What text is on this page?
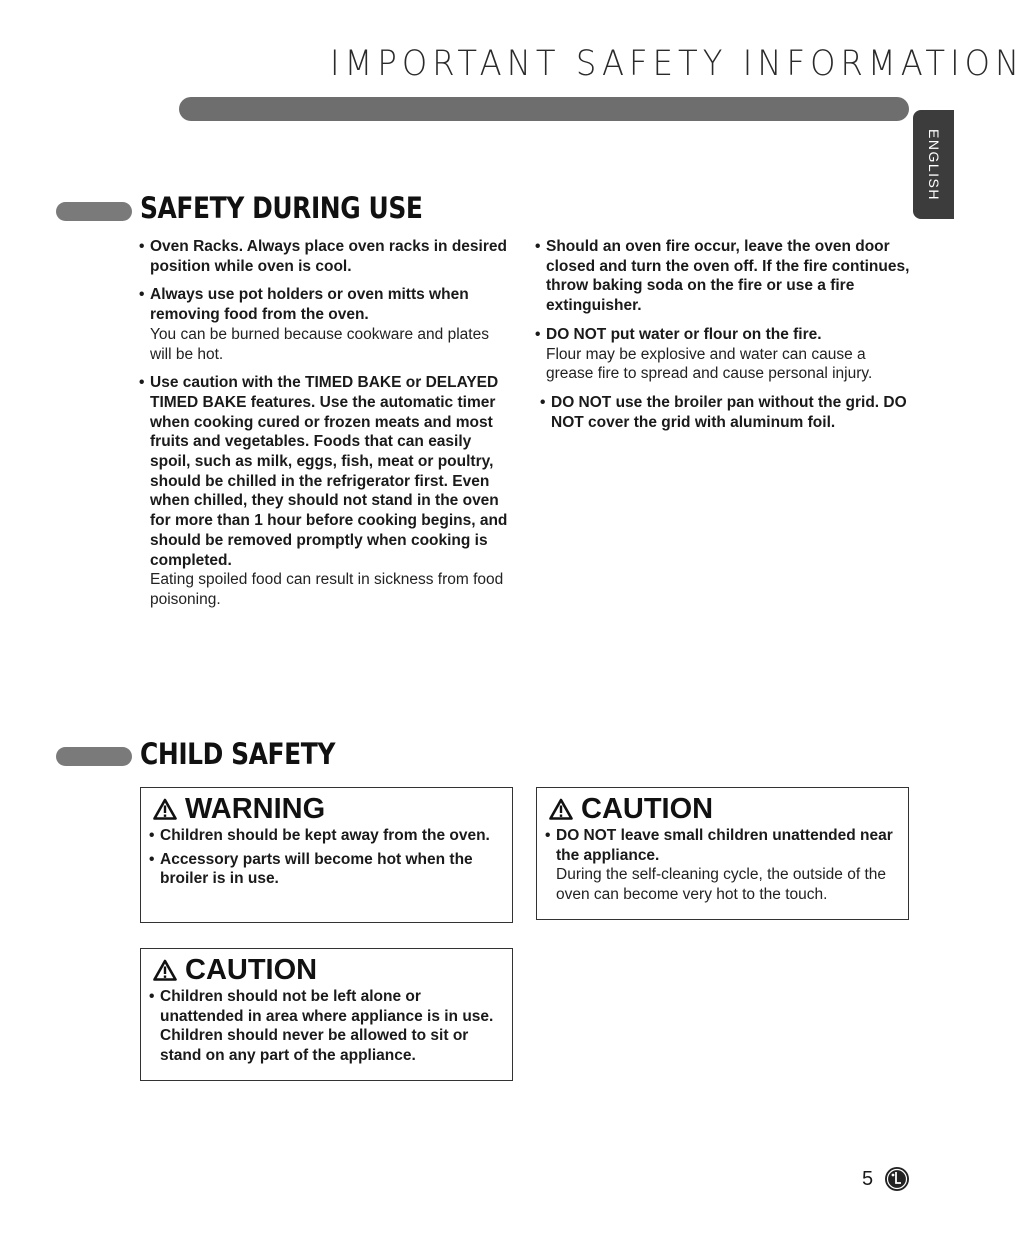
IMPORTANT SAFETY INFORMATION
ENGLISH
SAFETY DURING USE
• Oven Racks. Always place oven racks in desired position while oven is cool.
• Always use pot holders or oven mitts when removing food from the oven.
You can be burned because cookware and plates will be hot.
• Use caution with the TIMED BAKE or DELAYED TIMED BAKE features. Use the automatic timer when cooking cured or frozen meats and most fruits and vegetables. Foods that can easily spoil, such as milk, eggs, fish, meat or poultry, should be chilled in the refrigerator first. Even when chilled, they should not stand in the oven for more than 1 hour before cooking begins, and should be removed promptly when cooking is completed.
Eating spoiled food can result in sickness from food poisoning.
• Should an oven fire occur, leave the oven door closed and turn the oven off. If the fire continues, throw baking soda on the fire or use a fire extinguisher.
• DO NOT put water or flour on the fire.
Flour may be explosive and water can cause a grease fire to spread and cause personal injury.
• DO NOT use the broiler pan without the grid. DO NOT cover the grid with aluminum foil.
CHILD SAFETY
WARNING
• Children should be kept away from the oven.
• Accessory parts will become hot when the broiler is in use.
CAUTION
• DO NOT leave small children unattended near the appliance.
During the self-cleaning cycle, the outside of the oven can become very hot to the touch.
CAUTION
• Children should not be left alone or unattended in area where appliance is in use. Children should never be allowed to sit or stand on any part of the appliance.
5
